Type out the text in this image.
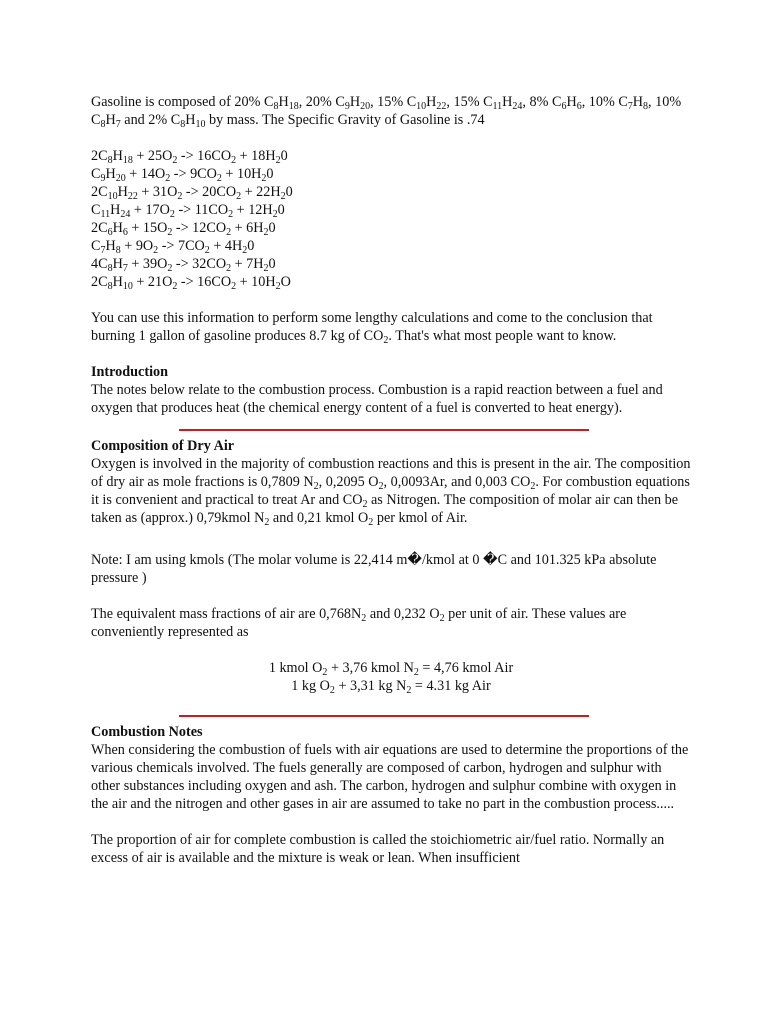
Gasoline is composed of 20% $C_8H_{18}$, 20% $C_9H_{20}$, 15% $C_{10}H_{22}$, 15% $C_{11}H_{24}$, 8% $C_6H_6$, 10% $C_7H_8$, 10% $C_8H_7$ and 2% $C_8H_{10}$ by mass. The Specific Gravity of Gasoline is .74

$2C_8H_{18} + 25O_2 -> 16CO_2 + 18H_20$
$C_9H_{20} + 14O_2 -> 9CO_2 + 10H_20$
$2C_{10}H_{22} + 31O_2 -> 20CO_2 + 22H_20$
$C_{11}H_{24} + 17O_2 -> 11CO_2 + 12H_20$
$2C_6H_6 + 15O_2 -> 12CO_2 + 6H_20$
$C_7H_8 + 9O_2 -> 7CO_2 + 4H_20$
$4C_8H_7 + 39O_2 -> 32CO_2 + 7H_20$
$2C_8H_{10} + 21O_2 -> 16CO_2 + 10H_2O$

You can use this information to perform some lengthy calculations and come to the conclusion that burning 1 gallon of gasoline produces 8.7 kg of $CO_2$. That's what most people want to know.

Introduction

The notes below relate to the combustion process. Combustion is a rapid reaction between a fuel and oxygen that produces heat (the chemical energy content of a fuel is converted to heat energy).

Composition of Dry Air

Oxygen is involved in the majority of combustion reactions and this is present in the air. The composition of dry air as mole fractions is 0,7809 $N_2$, 0,2095 $O_2$, 0,0093Ar, and 0,003 $CO_2$. For combustion equations it is convenient and practical to treat Ar and $CO_2$ as Nitrogen. The composition of molar air can then be taken as (approx.) 0,79kmol $N_2$ and 0,21 kmol $O_2$ per kmol of Air.

Note: I am using kmols (The molar volume is 22,414 m�/kmol at 0 �C and 101.325 kPa absolute pressure )

The equivalent mass fractions of air are $0,768N_2$ and 0,232 $O_2$ per unit of air. These values are conveniently represented as

1 kmol $O_2 + 3,76$ kmol $N_2 = 4,76$ kmol Air

1 kg $O_2 + 3,31$ kg $N_2 = 4.31$ kg Air

Combustion Notes

When considering the combustion of fuels with air equations are used to determine the proportions of the various chemicals involved. The fuels generally are composed of carbon, hydrogen and sulphur with other substances including oxygen and ash. The carbon, hydrogen and sulphur combine with oxygen in the air and the nitrogen and other gases in air are assumed to take no part in the combustion process.....

The proportion of air for complete combustion is called the stoichiometric air/fuel ratio. Normally an excess of air is available and the mixture is weak or lean. When insufficient
